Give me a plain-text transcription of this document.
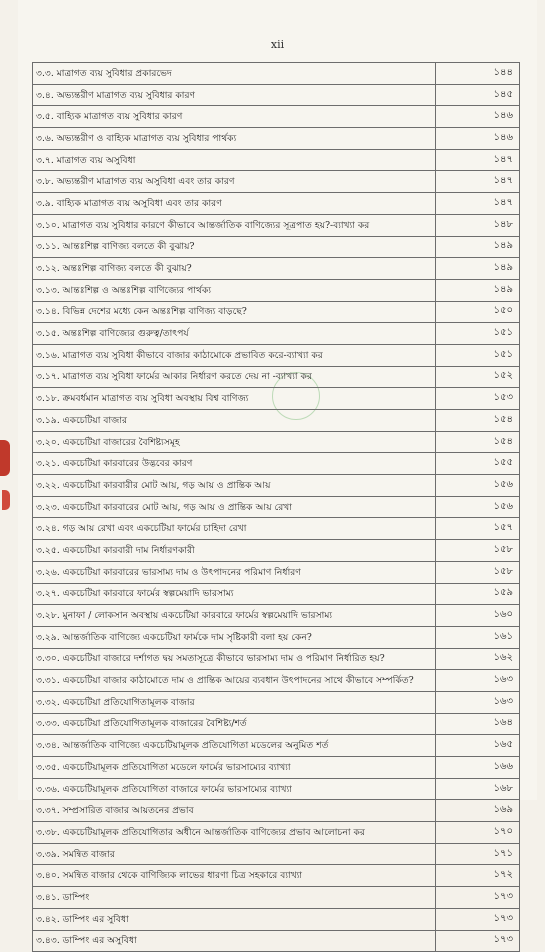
xii
৩.৩. মাত্রাগত ব্যয় সুবিধার প্রকারভেদ	১৪৪
৩.৪. অভ্যন্তরীণ মাত্রাগত ব্যয় সুবিধার কারণ	১৪৫
৩.৫. বাহ্যিক মাত্রাগত ব্যয় সুবিধার কারণ	১৪৬
৩.৬. অভ্যন্তরীণ ও বাহ্যিক মাত্রাগত ব্যয় সুবিধার পার্থক্য	১৪৬
৩.৭. মাত্রাগত ব্যয় অসুবিধা	১৪৭
৩.৮. অভ্যন্তরীণ মাত্রাগত ব্যয় অসুবিধা এবং তার কারণ	১৪৭
৩.৯. বাহ্যিক মাত্রাগত ব্যয় অসুবিধা এবং তার কারণ	১৪৭
৩.১০. মাত্রাগত ব্যয় সুবিধার কারণে কীভাবে আন্তর্জাতিক বাণিজ্যের সূত্রপাত হয়?-ব্যাখ্যা কর	১৪৮
৩.১১. আন্তঃশিল্প বাণিজ্য বলতে কী বুঝায়?	১৪৯
৩.১২. অন্তঃশিল্প বাণিজ্য বলতে কী বুঝায়?	১৪৯
৩.১৩. আন্তঃশিল্প ও অন্তঃশিল্প বাণিজ্যের পার্থক্য	১৪৯
৩.১৪. বিভিন্ন দেশের মধ্যে কেন অন্তঃশিল্প বাণিজ্য বাড়ছে?	১৫০
৩.১৫. অন্তঃশিল্প বাণিজ্যের গুরুত্ব/তাৎপর্য	১৫১
৩.১৬. মাত্রাগত ব্যয় সুবিধা কীভাবে বাজার কাঠামোকে প্রভাবিত করে-ব্যাখ্যা কর	১৫১
৩.১৭. মাত্রাগত ব্যয় সুবিধা ফার্মের আকার নির্ধারণ করতে দেয় না -ব্যাখ্যা কর	১৫২
৩.১৮. ক্রমবর্ধমান মাত্রাগত ব্যয় সুবিধা অবস্থায় বিশ্ব বাণিজ্য	১৫৩
৩.১৯. একচেটিয়া বাজার	১৫৪
৩.২০. একচেটিয়া বাজারের বৈশিষ্ট্যসমূহ	১৫৪
৩.২১. একচেটিয়া কারবারের উদ্ভবের কারণ	১৫৫
৩.২২. একচেটিয়া কারবারীর মোট আয়, গড় আয় ও প্রান্তিক আয়	১৫৬
৩.২৩. একচেটিয়া কারবারের মোট আয়, গড় আয় ও প্রান্তিক আয় রেখা	১৫৬
৩.২৪. গড় আয় রেখা এবং একচেটিয়া ফার্মের চাহিদা রেখা	১৫৭
৩.২৫. একচেটিয়া কারবারী দাম নির্ধারণকারী	১৫৮
৩.২৬. একচেটিয়া কারবারের ভারসাম্য দাম ও উৎপাদনের পরিমাণ নির্ধারণ	১৫৮
৩.২৭. একচেটিয়া কারবারে ফার্মের স্বল্পমেয়াদি ভারসাম্য	১৫৯
৩.২৮. মুনাফা / লোকসান অবস্থায় একচেটিয়া কারবারে ফার্মের স্বল্পমেয়াদি ভারসাম্য	১৬০
৩.২৯. আন্তর্জাতিক বাণিজ্যে একচেটিয়া ফার্মকে দাম সৃষ্টিকারী বলা হয় কেন?	১৬১
৩.৩০. একচেটিয়া বাজারে দর্শাগত দ্বয় সমতাসূত্রে কীভাবে ভারসাম্য দাম ও পরিমাণ নির্ধারিত হয়?	১৬২
৩.৩১. একচেটিয়া বাজার কাঠামোতে দাম ও প্রান্তিক আয়ের ব্যবধান উৎপাদনের সাথে কীভাবে সম্পর্কিত?	১৬৩
৩.৩২. একচেটিয়া প্রতিযোগিতামূলক বাজার	১৬৩
৩.৩৩. একচেটিয়া প্রতিযোগিতামূলক বাজারের বৈশিষ্ট্য/শর্ত	১৬৪
৩.৩৪. আন্তর্জাতিক বাণিজ্যে একচেটিয়ামূলক প্রতিযোগিতা মডেলের অনুমিত শর্ত	১৬৫
৩.৩৫. একচেটিয়ামূলক প্রতিযোগিতা মডেলে ফার্মের ভারসাম্যের ব্যাখ্যা	১৬৬
৩.৩৬. একচেটিয়ামূলক প্রতিযোগিতা বাজারে ফার্মের ভারসাম্যের ব্যাখ্যা	১৬৮
৩.৩৭. সম্প্রসারিত বাজার আয়তনের প্রভাব	১৬৯
৩.৩৮. একচেটিয়ামূলক প্রতিযোগিতার অধীনে আন্তর্জাতিক বাণিজ্যের প্রভাব আলোচনা কর	১৭০
৩.৩৯. সমন্বিত বাজার	১৭১
৩.৪০. সমন্বিত বাজার থেকে বাণিজ্যিক লাভের ধারণা চিত্র সহকারে ব্যাখ্যা	১৭২
৩.৪১. ডাম্পিং	১৭৩
৩.৪২. ডাম্পিং এর সুবিধা	১৭৩
৩.৪৩. ডাম্পিং এর অসুবিধা	১৭৩
